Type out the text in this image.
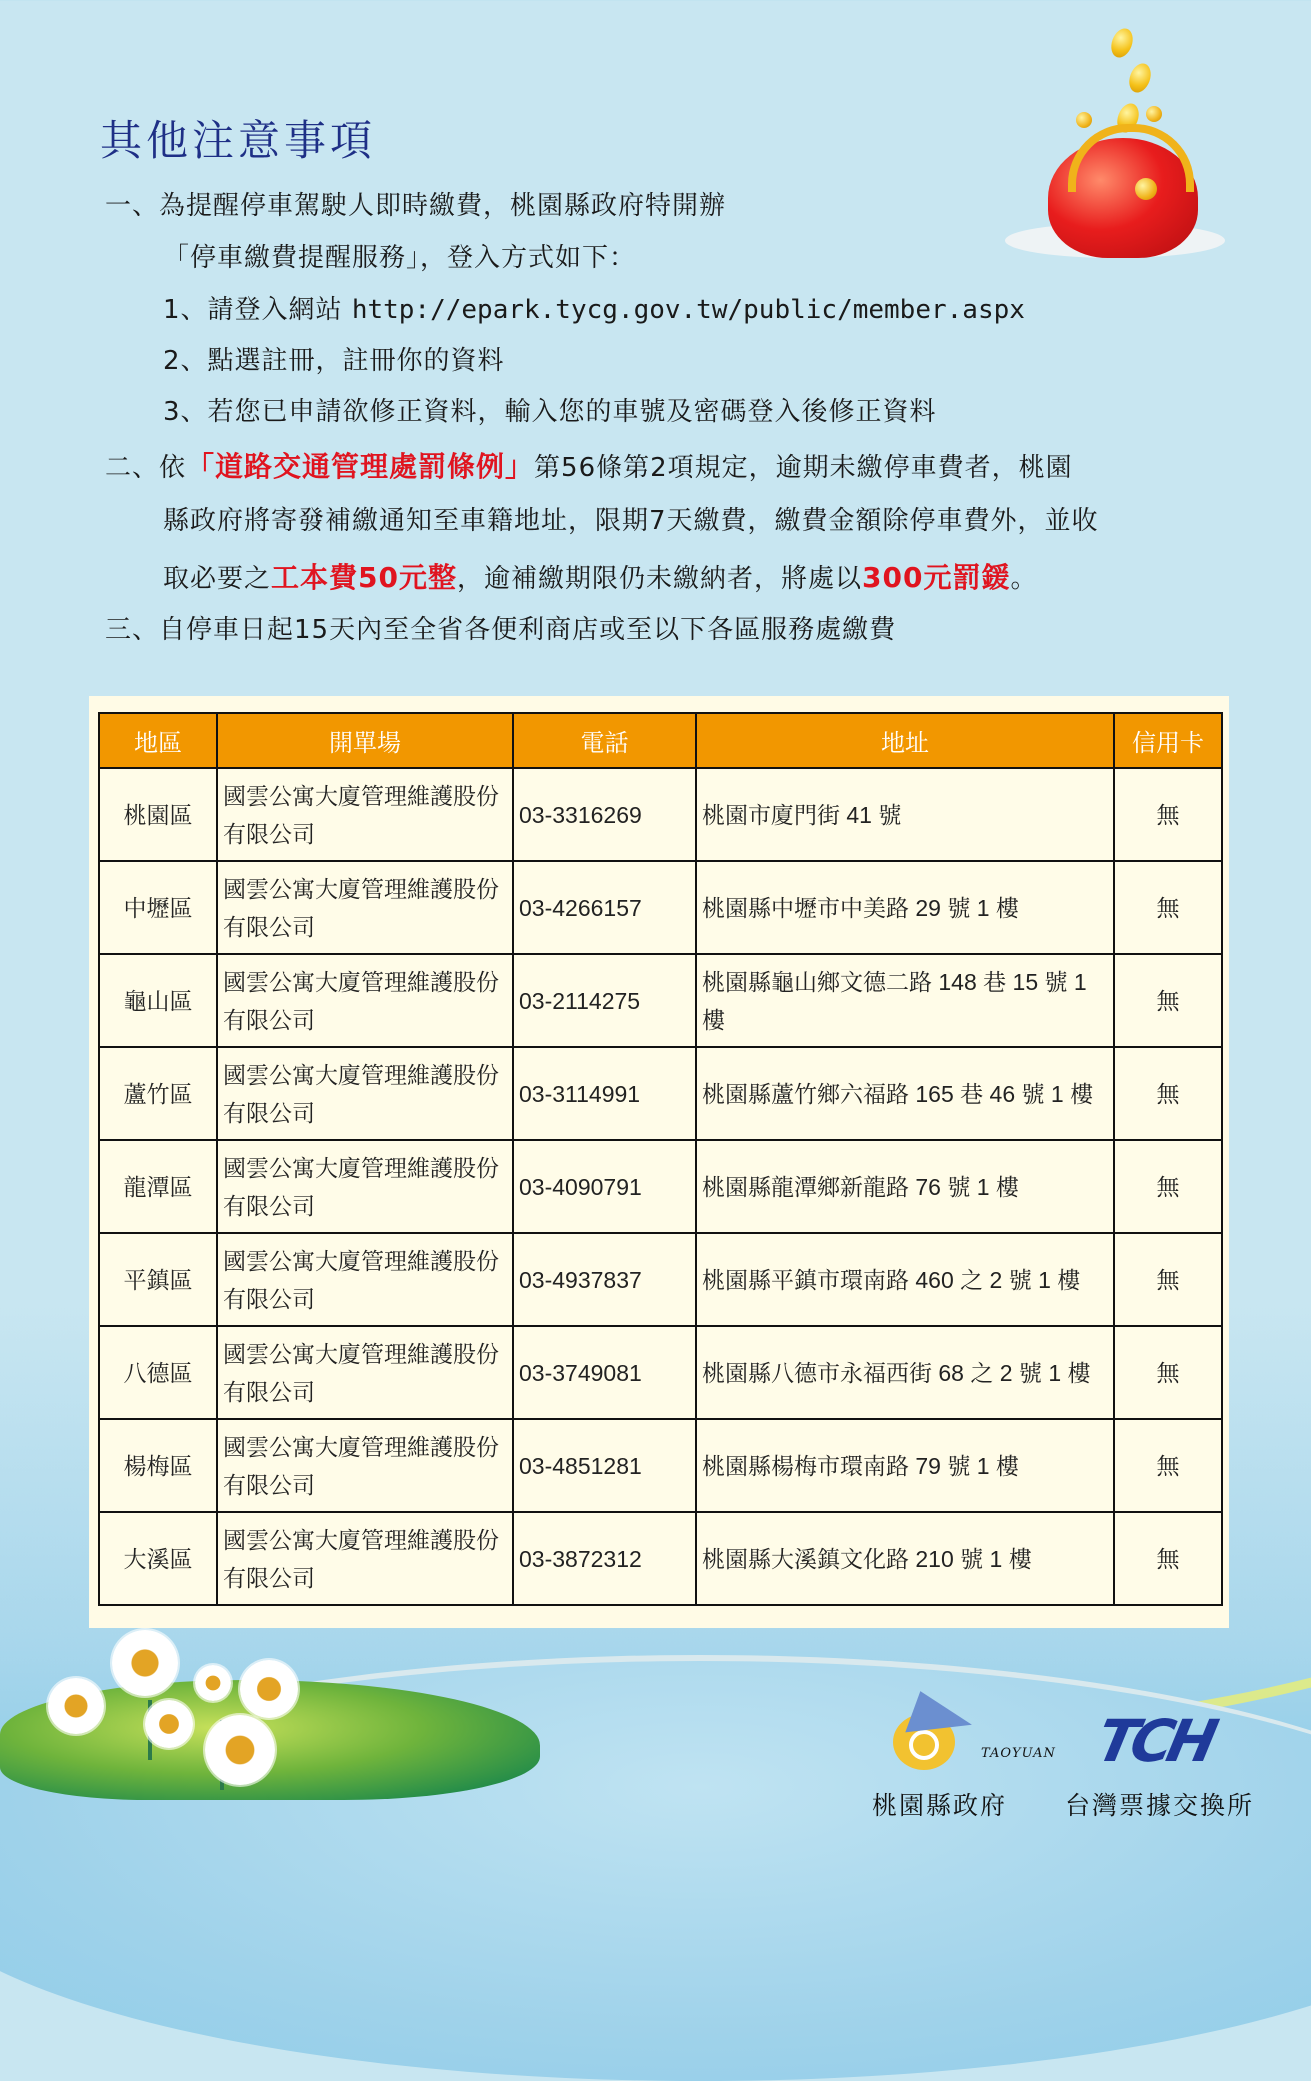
其他注意事項
一、為提醒停車駕駛人即時繳費，桃園縣政府特開辦
「停車繳費提醒服務」，登入方式如下：
1、請登入網站 http://epark.tycg.gov.tw/public/member.aspx
2、點選註冊，註冊你的資料
3、若您已申請欲修正資料，輸入您的車號及密碼登入後修正資料
二、依「道路交通管理處罰條例」第56條第2項規定，逾期未繳停車費者，桃園
縣政府將寄發補繳通知至車籍地址，限期7天繳費，繳費金額除停車費外，並收
取必要之工本費50元整，逾補繳期限仍未繳納者，將處以300元罰鍰。
三、自停車日起15天內至全省各便利商店或至以下各區服務處繳費
地區	開單場	電話	地址	信用卡
桃園區	國雲公寓大廈管理維護股份有限公司	03-3316269	桃園市廈門街 41 號	無
中壢區	國雲公寓大廈管理維護股份有限公司	03-4266157	桃園縣中壢市中美路 29 號 1 樓	無
龜山區	國雲公寓大廈管理維護股份有限公司	03-2114275	桃園縣龜山鄉文德二路 148 巷 15 號 1 樓	無
蘆竹區	國雲公寓大廈管理維護股份有限公司	03-3114991	桃園縣蘆竹鄉六福路 165 巷 46 號 1 樓	無
龍潭區	國雲公寓大廈管理維護股份有限公司	03-4090791	桃園縣龍潭鄉新龍路 76 號 1 樓	無
平鎮區	國雲公寓大廈管理維護股份有限公司	03-4937837	桃園縣平鎮市環南路 460 之 2 號 1 樓	無
八德區	國雲公寓大廈管理維護股份有限公司	03-3749081	桃園縣八德市永福西街 68 之 2 號 1 樓	無
楊梅區	國雲公寓大廈管理維護股份有限公司	03-4851281	桃園縣楊梅市環南路 79 號 1 樓	無
大溪區	國雲公寓大廈管理維護股份有限公司	03-3872312	桃園縣大溪鎮文化路 210 號 1 樓	無
TAOYUAN
桃園縣政府
TCH
台灣票據交換所
